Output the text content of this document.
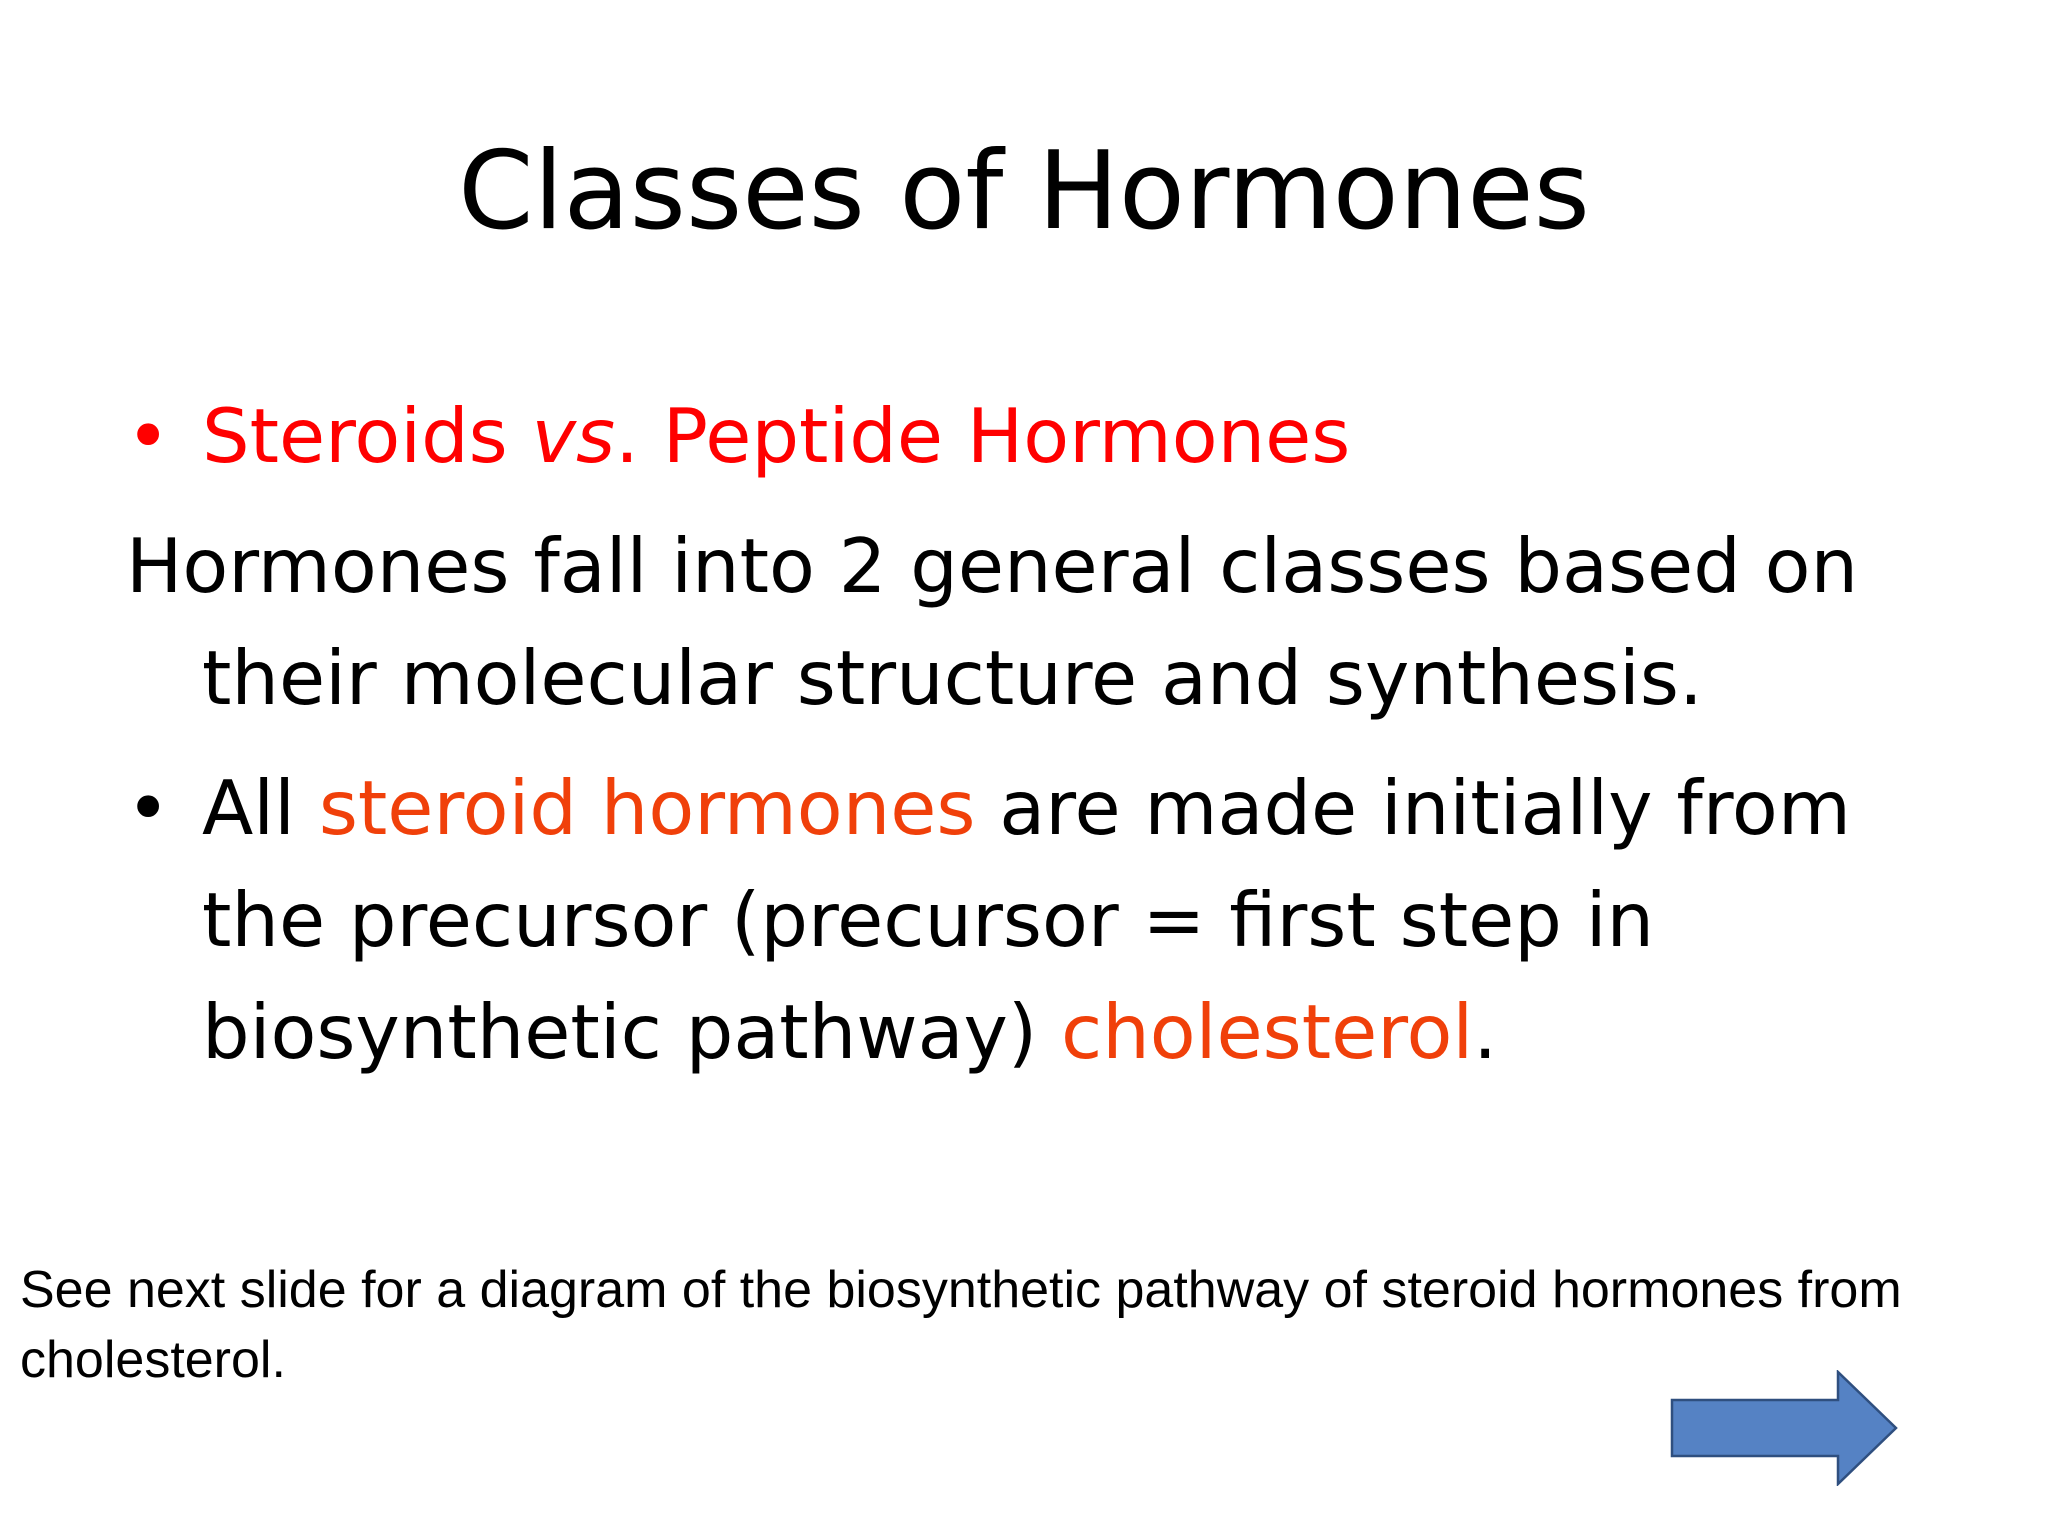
Classes of Hormones
• Steroids vs. Peptide Hormones
Hormones fall into 2 general classes based on
their molecular structure and synthesis.
• All steroid hormones are made initially from
the precursor (precursor = first step in
biosynthetic pathway) cholesterol.
See next slide for a diagram of the biosynthetic pathway of steroid hormones from cholesterol.
